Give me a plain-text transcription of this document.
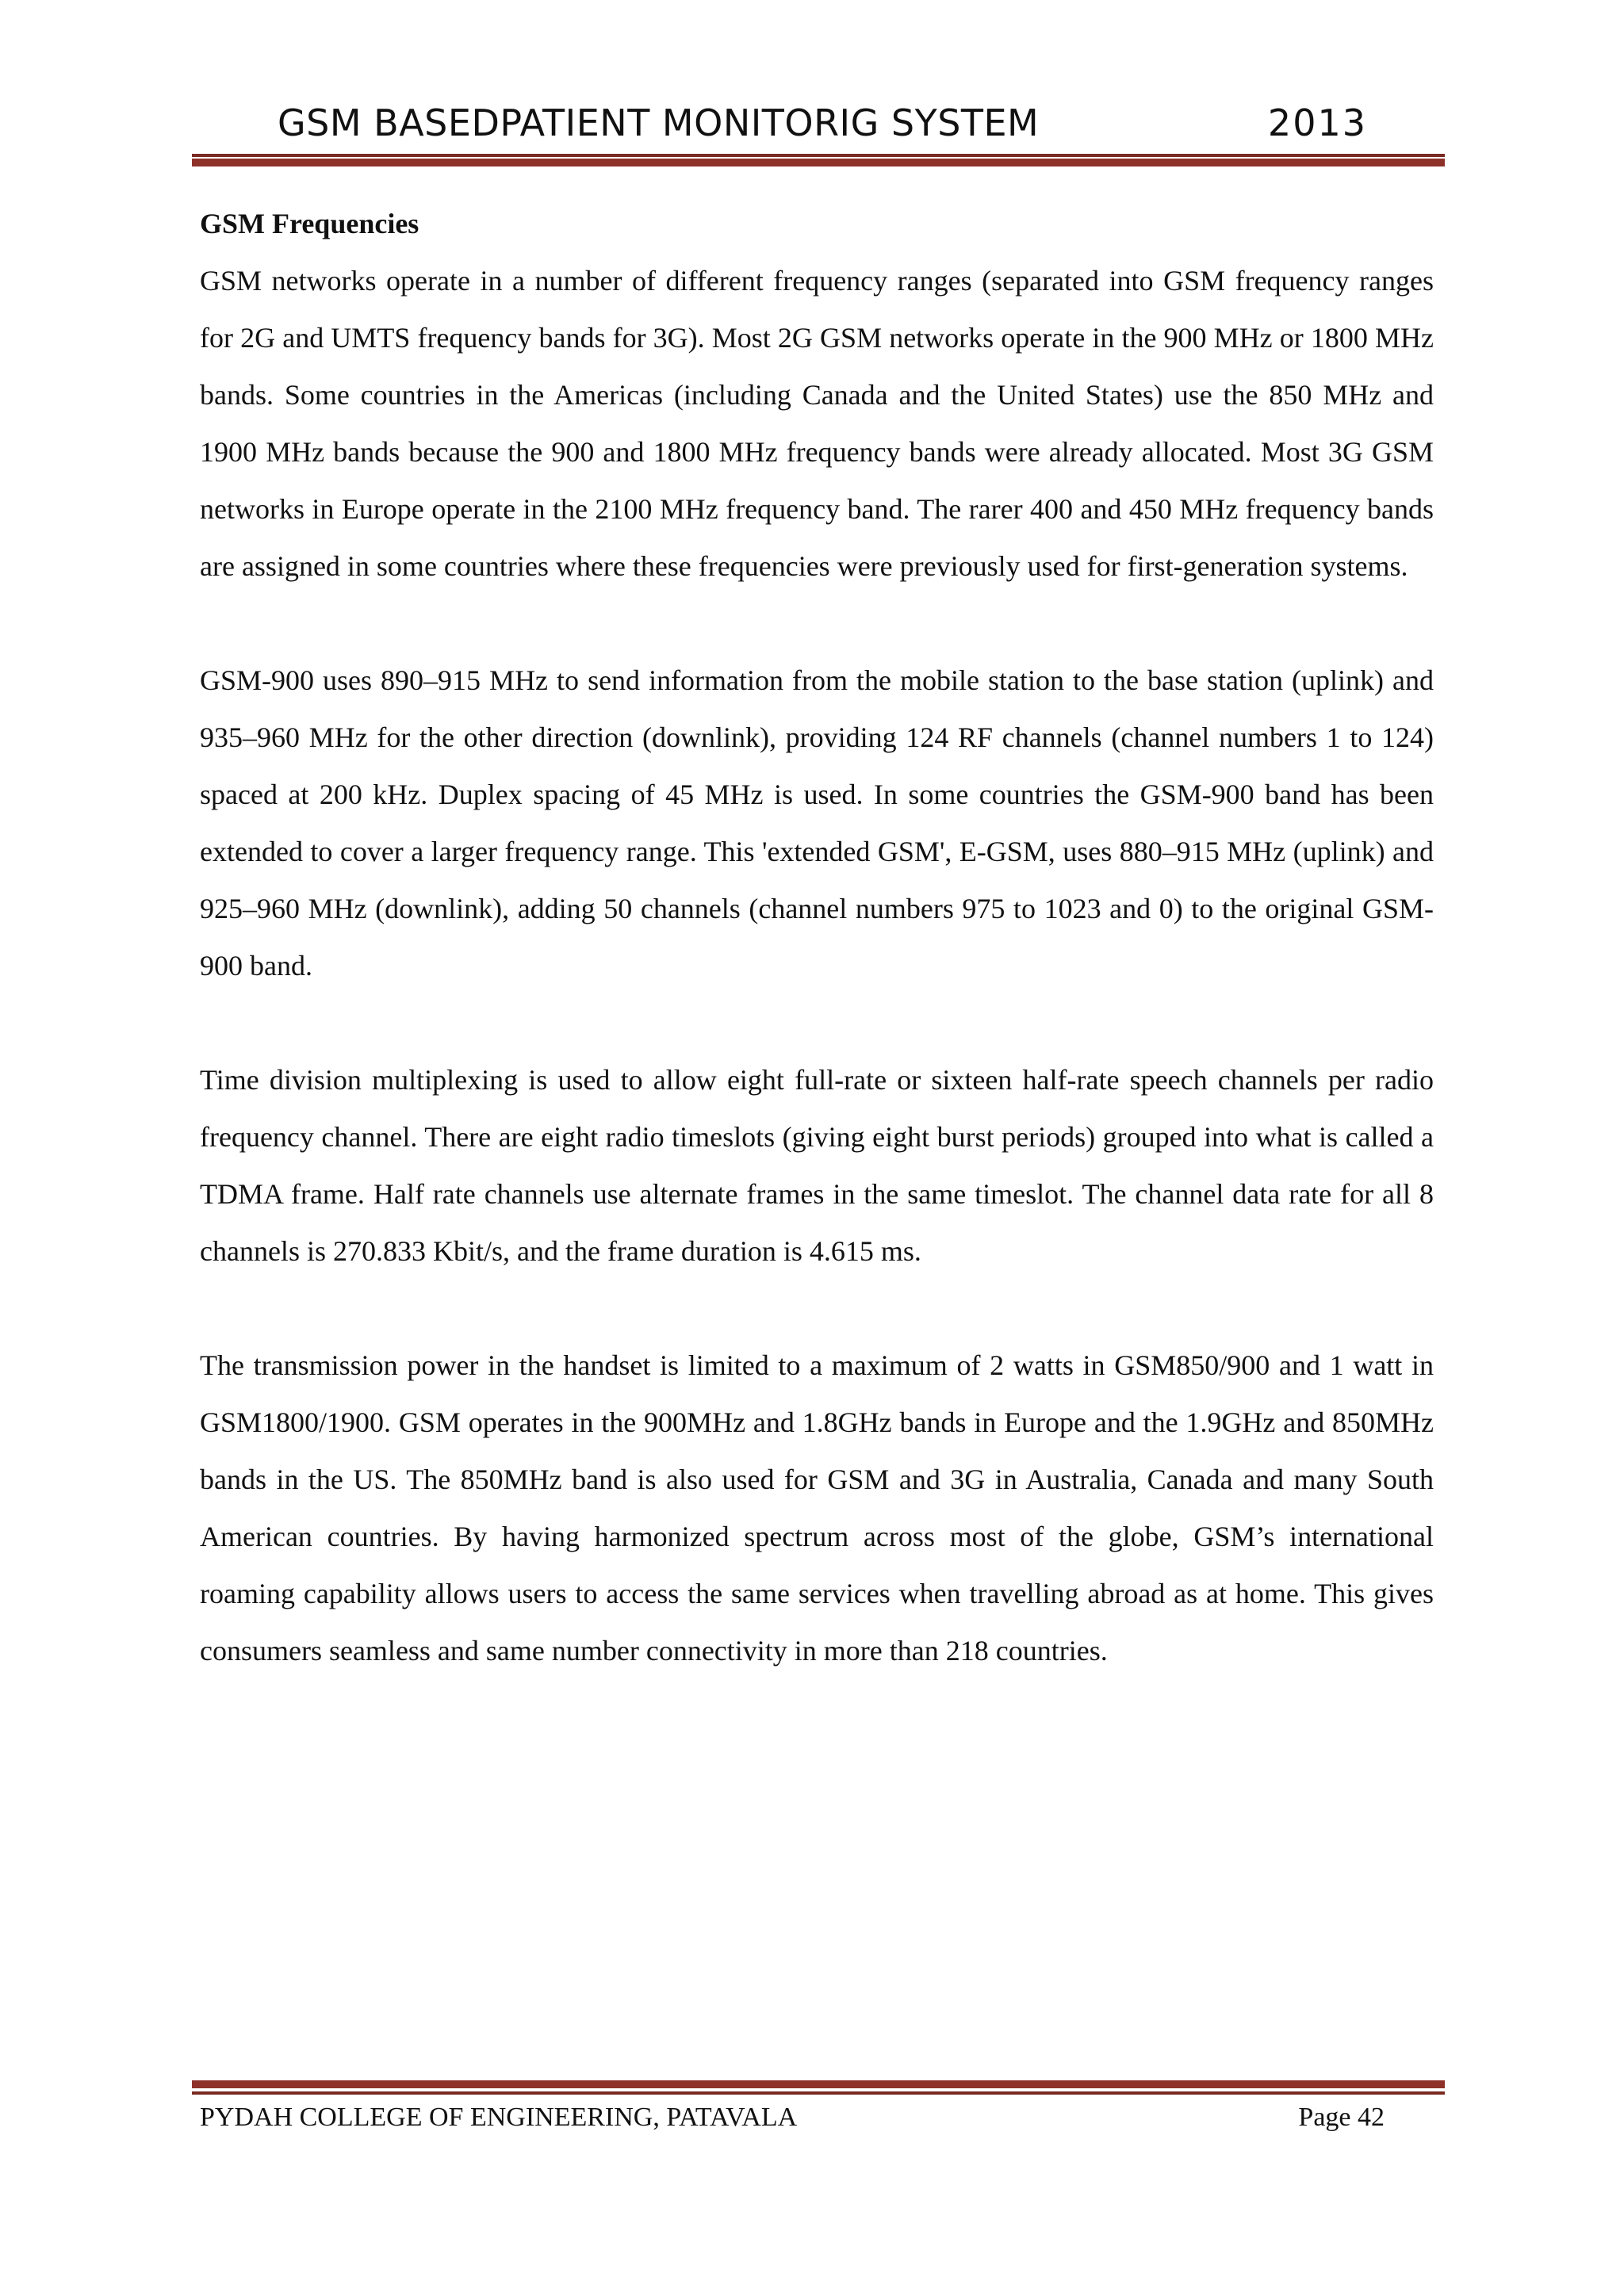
GSM BASEDPATIENT MONITORIG SYSTEM	2013
GSM Frequencies

GSM networks operate in a number of different frequency ranges (separated into GSM frequency ranges for 2G and UMTS frequency bands for 3G). Most 2G GSM networks operate in the 900 MHz or 1800 MHz bands. Some countries in the Americas (including Canada and the United States) use the 850 MHz and 1900 MHz bands because the 900 and 1800 MHz frequency bands were already allocated. Most 3G GSM networks in Europe operate in the 2100 MHz frequency band. The rarer 400 and 450 MHz frequency bands are assigned in some countries where these frequencies were previously used for first-generation systems.

GSM-900 uses 890–915 MHz to send information from the mobile station to the base station (uplink) and 935–960 MHz for the other direction (downlink), providing 124 RF channels (channel numbers 1 to 124) spaced at 200 kHz. Duplex spacing of 45 MHz is used. In some countries the GSM-900 band has been extended to cover a larger frequency range. This 'extended GSM', E-GSM, uses 880–915 MHz (uplink) and 925–960 MHz (downlink), adding 50 channels (channel numbers 975 to 1023 and 0) to the original GSM-900 band.

Time division multiplexing is used to allow eight full-rate or sixteen half-rate speech channels per radio frequency channel. There are eight radio timeslots (giving eight burst periods) grouped into what is called a TDMA frame. Half rate channels use alternate frames in the same timeslot. The channel data rate for all 8 channels is 270.833 Kbit/s, and the frame duration is 4.615 ms.

The transmission power in the handset is limited to a maximum of 2 watts in GSM850/900 and 1 watt in GSM1800/1900. GSM operates in the 900MHz and 1.8GHz bands in Europe and the 1.9GHz and 850MHz bands in the US. The 850MHz band is also used for GSM and 3G in Australia, Canada and many South American countries. By having harmonized spectrum across most of the globe, GSM’s international roaming capability allows users to access the same services when travelling abroad as at home. This gives consumers seamless and same number connectivity in more than 218 countries.

PYDAH COLLEGE OF ENGINEERING, PATAVALA	Page 42
